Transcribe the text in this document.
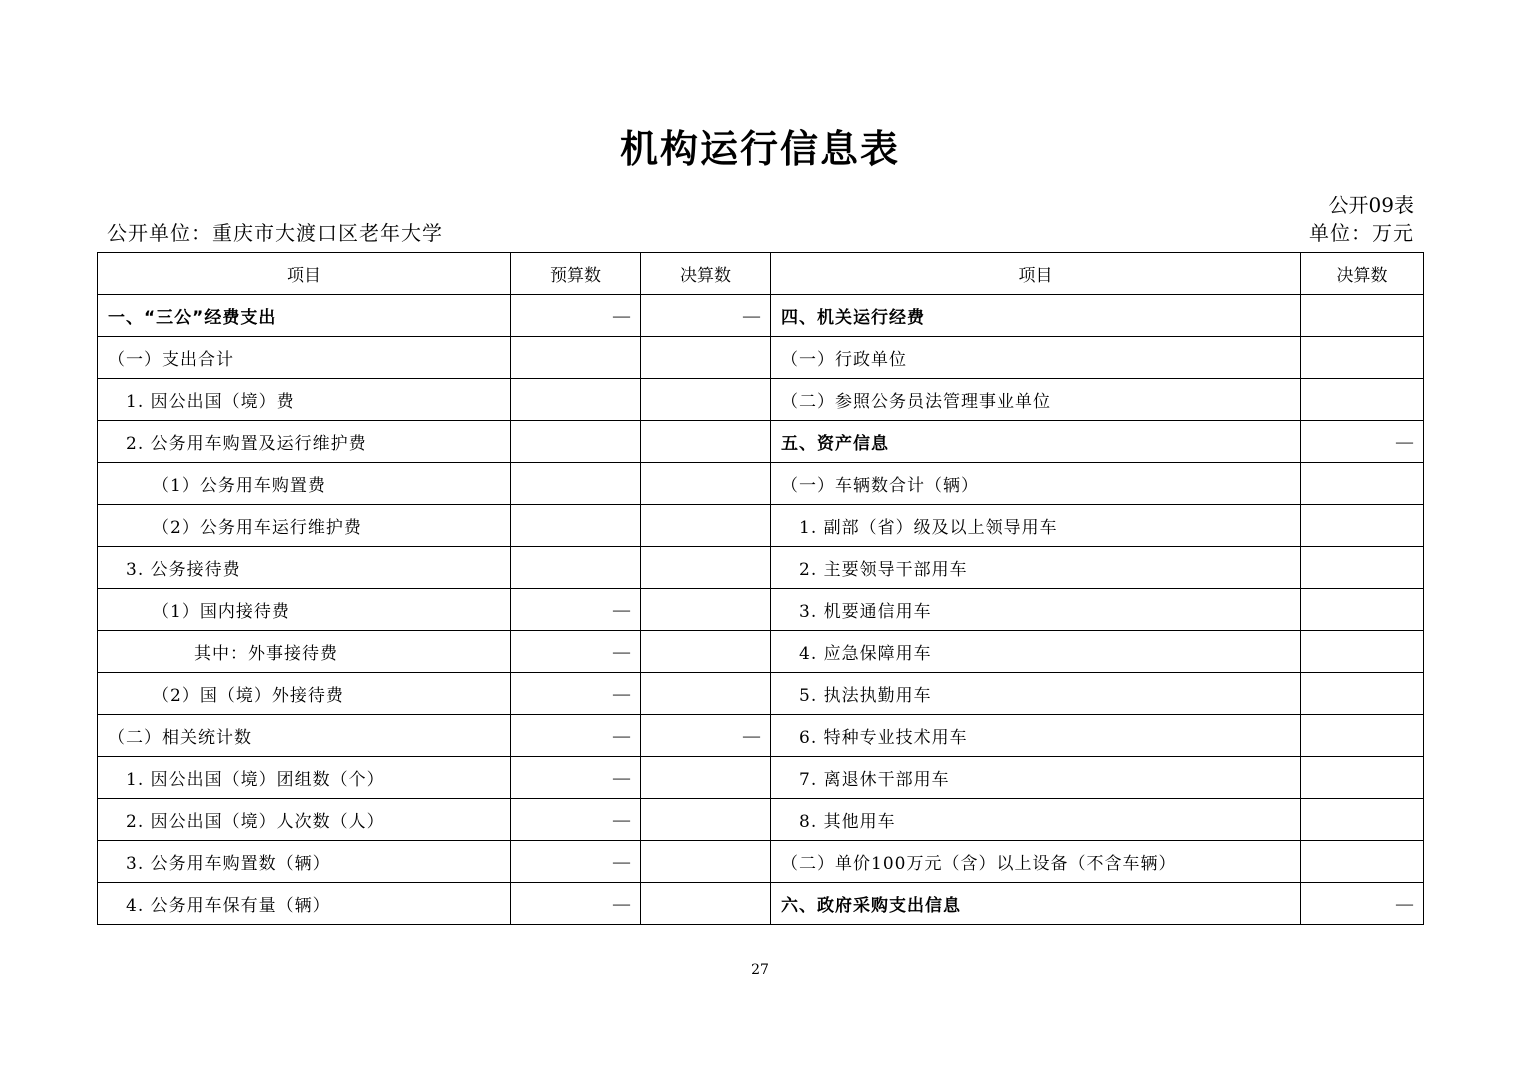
机构运行信息表
公开09表
公开单位：重庆市大渡口区老年大学	单位：万元
项目	预算数	决算数	项目	决算数
一、“三公”经费支出	—	—	四、机关运行经费	
（一）支出合计			（一）行政单位	
1. 因公出国（境）费			（二）参照公务员法管理事业单位	
2. 公务用车购置及运行维护费			五、资产信息	—
（1）公务用车购置费			（一）车辆数合计（辆）	
（2）公务用车运行维护费			1. 副部（省）级及以上领导用车	
3. 公务接待费			2. 主要领导干部用车	
（1）国内接待费	—		3. 机要通信用车	
其中：外事接待费	—		4. 应急保障用车	
（2）国（境）外接待费	—		5. 执法执勤用车	
（二）相关统计数	—	—	6. 特种专业技术用车	
1. 因公出国（境）团组数（个）	—		7. 离退休干部用车	
2. 因公出国（境）人次数（人）	—		8. 其他用车	
3. 公务用车购置数（辆）	—		（二）单价100万元（含）以上设备（不含车辆）	
4. 公务用车保有量（辆）	—		六、政府采购支出信息	—
27
